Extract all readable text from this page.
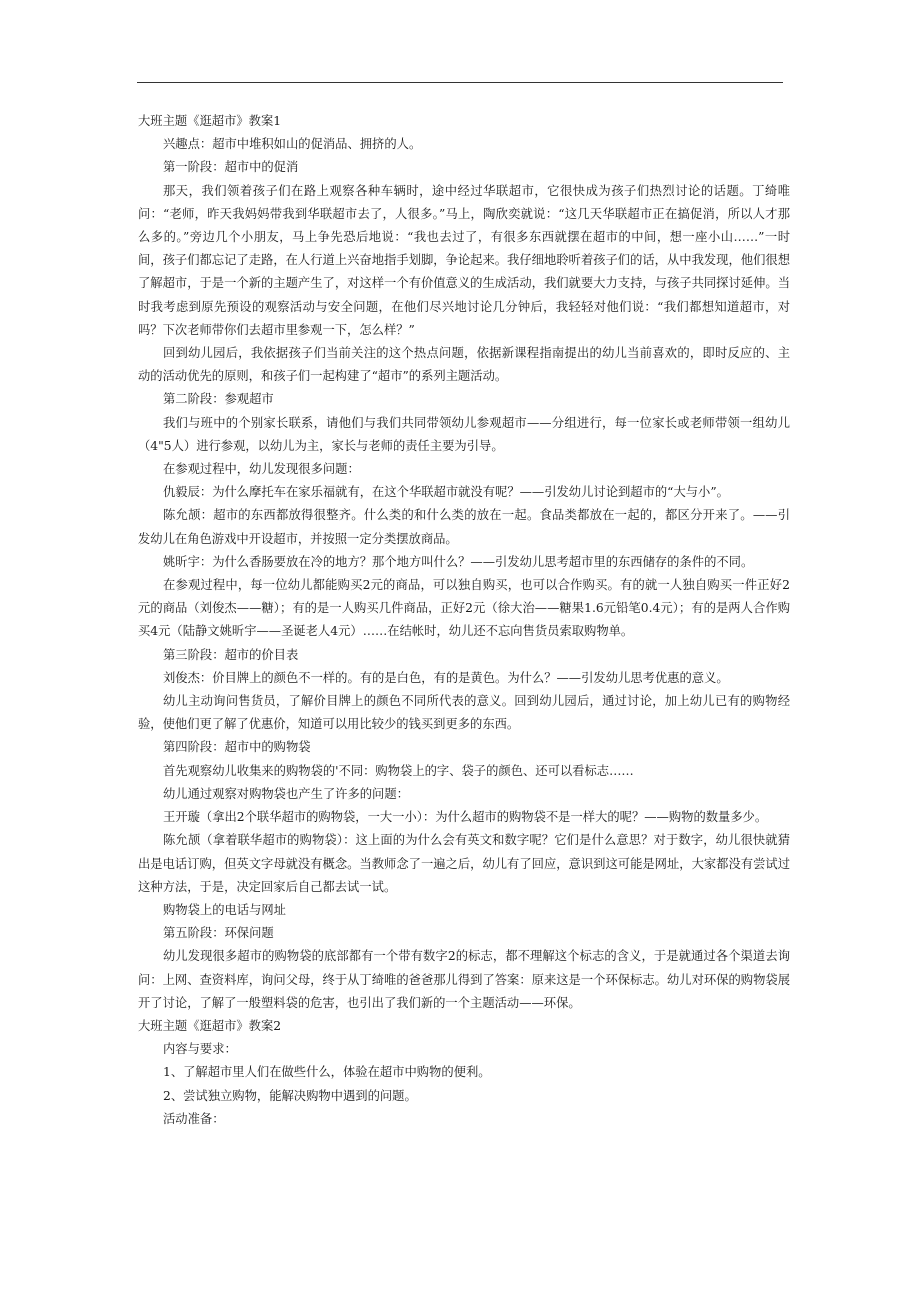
大班主题《逛超市》教案1

兴趣点：超市中堆积如山的促消品、拥挤的人。

第一阶段：超市中的促消

那天，我们领着孩子们在路上观察各种车辆时，途中经过华联超市，它很快成为孩子们热烈讨论的话题。丁绮唯问：“老师，昨天我妈妈带我到华联超市去了，人很多。”马上，陶欣奕就说：“这几天华联超市正在搞促消，所以人才那么多的。”旁边几个小朋友，马上争先恐后地说：“我也去过了，有很多东西就摆在超市的中间，想一座小山……”一时间，孩子们都忘记了走路，在人行道上兴奋地指手划脚，争论起来。我仔细地聆听着孩子们的话，从中我发现，他们很想了解超市，于是一个新的主题产生了，对这样一个有价值意义的生成活动，我们就要大力支持，与孩子共同探讨延伸。当时我考虑到原先预设的观察活动与安全问题，在他们尽兴地讨论几分钟后，我轻轻对他们说：“我们都想知道超市，对吗？下次老师带你们去超市里参观一下，怎么样？”

回到幼儿园后，我依据孩子们当前关注的这个热点问题，依据新课程指南提出的幼儿当前喜欢的，即时反应的、主动的活动优先的原则，和孩子们一起构建了“超市”的系列主题活动。

第二阶段：参观超市

我们与班中的个别家长联系，请他们与我们共同带领幼儿参观超市——分组进行，每一位家长或老师带领一组幼儿（4"5人）进行参观，以幼儿为主，家长与老师的责任主要为引导。

在参观过程中，幼儿发现很多问题：

仇毅辰：为什么摩托车在家乐福就有，在这个华联超市就没有呢？——引发幼儿讨论到超市的“大与小”。

陈允颉：超市的东西都放得很整齐。什么类的和什么类的放在一起。食品类都放在一起的，都区分开来了。——引发幼儿在角色游戏中开设超市，并按照一定分类摆放商品。

姚昕宇：为什么香肠要放在冷的地方？那个地方叫什么？——引发幼儿思考超市里的东西储存的条件的不同。

在参观过程中，每一位幼儿都能购买2元的商品，可以独自购买，也可以合作购买。有的就一人独自购买一件正好2元的商品（刘俊杰——糖）；有的是一人购买几件商品，正好2元（徐大治——糖果1.6元铅笔0.4元）；有的是两人合作购买4元（陆静文姚昕宇——圣诞老人4元）……在结帐时，幼儿还不忘向售货员索取购物单。

第三阶段：超市的价目表

刘俊杰：价目牌上的颜色不一样的。有的是白色，有的是黄色。为什么？——引发幼儿思考优惠的意义。

幼儿主动询问售货员，了解价目牌上的颜色不同所代表的意义。回到幼儿园后，通过讨论，加上幼儿已有的购物经验，使他们更了解了优惠价，知道可以用比较少的钱买到更多的东西。

第四阶段：超市中的购物袋

首先观察幼儿收集来的购物袋的'不同：购物袋上的字、袋子的颜色、还可以看标志……

幼儿通过观察对购物袋也产生了许多的问题：

王开璇（拿出2个联华超市的购物袋，一大一小）：为什么超市的购物袋不是一样大的呢？——购物的数量多少。

陈允颉（拿着联华超市的购物袋）：这上面的为什么会有英文和数字呢？它们是什么意思？对于数字，幼儿很快就猜出是电话订购，但英文字母就没有概念。当教师念了一遍之后，幼儿有了回应，意识到这可能是网址，大家都没有尝试过这种方法，于是，决定回家后自己都去试一试。

购物袋上的电话与网址

第五阶段：环保问题

幼儿发现很多超市的购物袋的底部都有一个带有数字2的标志，都不理解这个标志的含义，于是就通过各个渠道去询问：上网、查资料库，询问父母，终于从丁绮唯的爸爸那儿得到了答案：原来这是一个环保标志。幼儿对环保的购物袋展开了讨论，了解了一般塑料袋的危害，也引出了我们新的一个主题活动——环保。

大班主题《逛超市》教案2

内容与要求：

1、了解超市里人们在做些什么，体验在超市中购物的便利。

2、尝试独立购物，能解决购物中遇到的问题。

活动准备：
